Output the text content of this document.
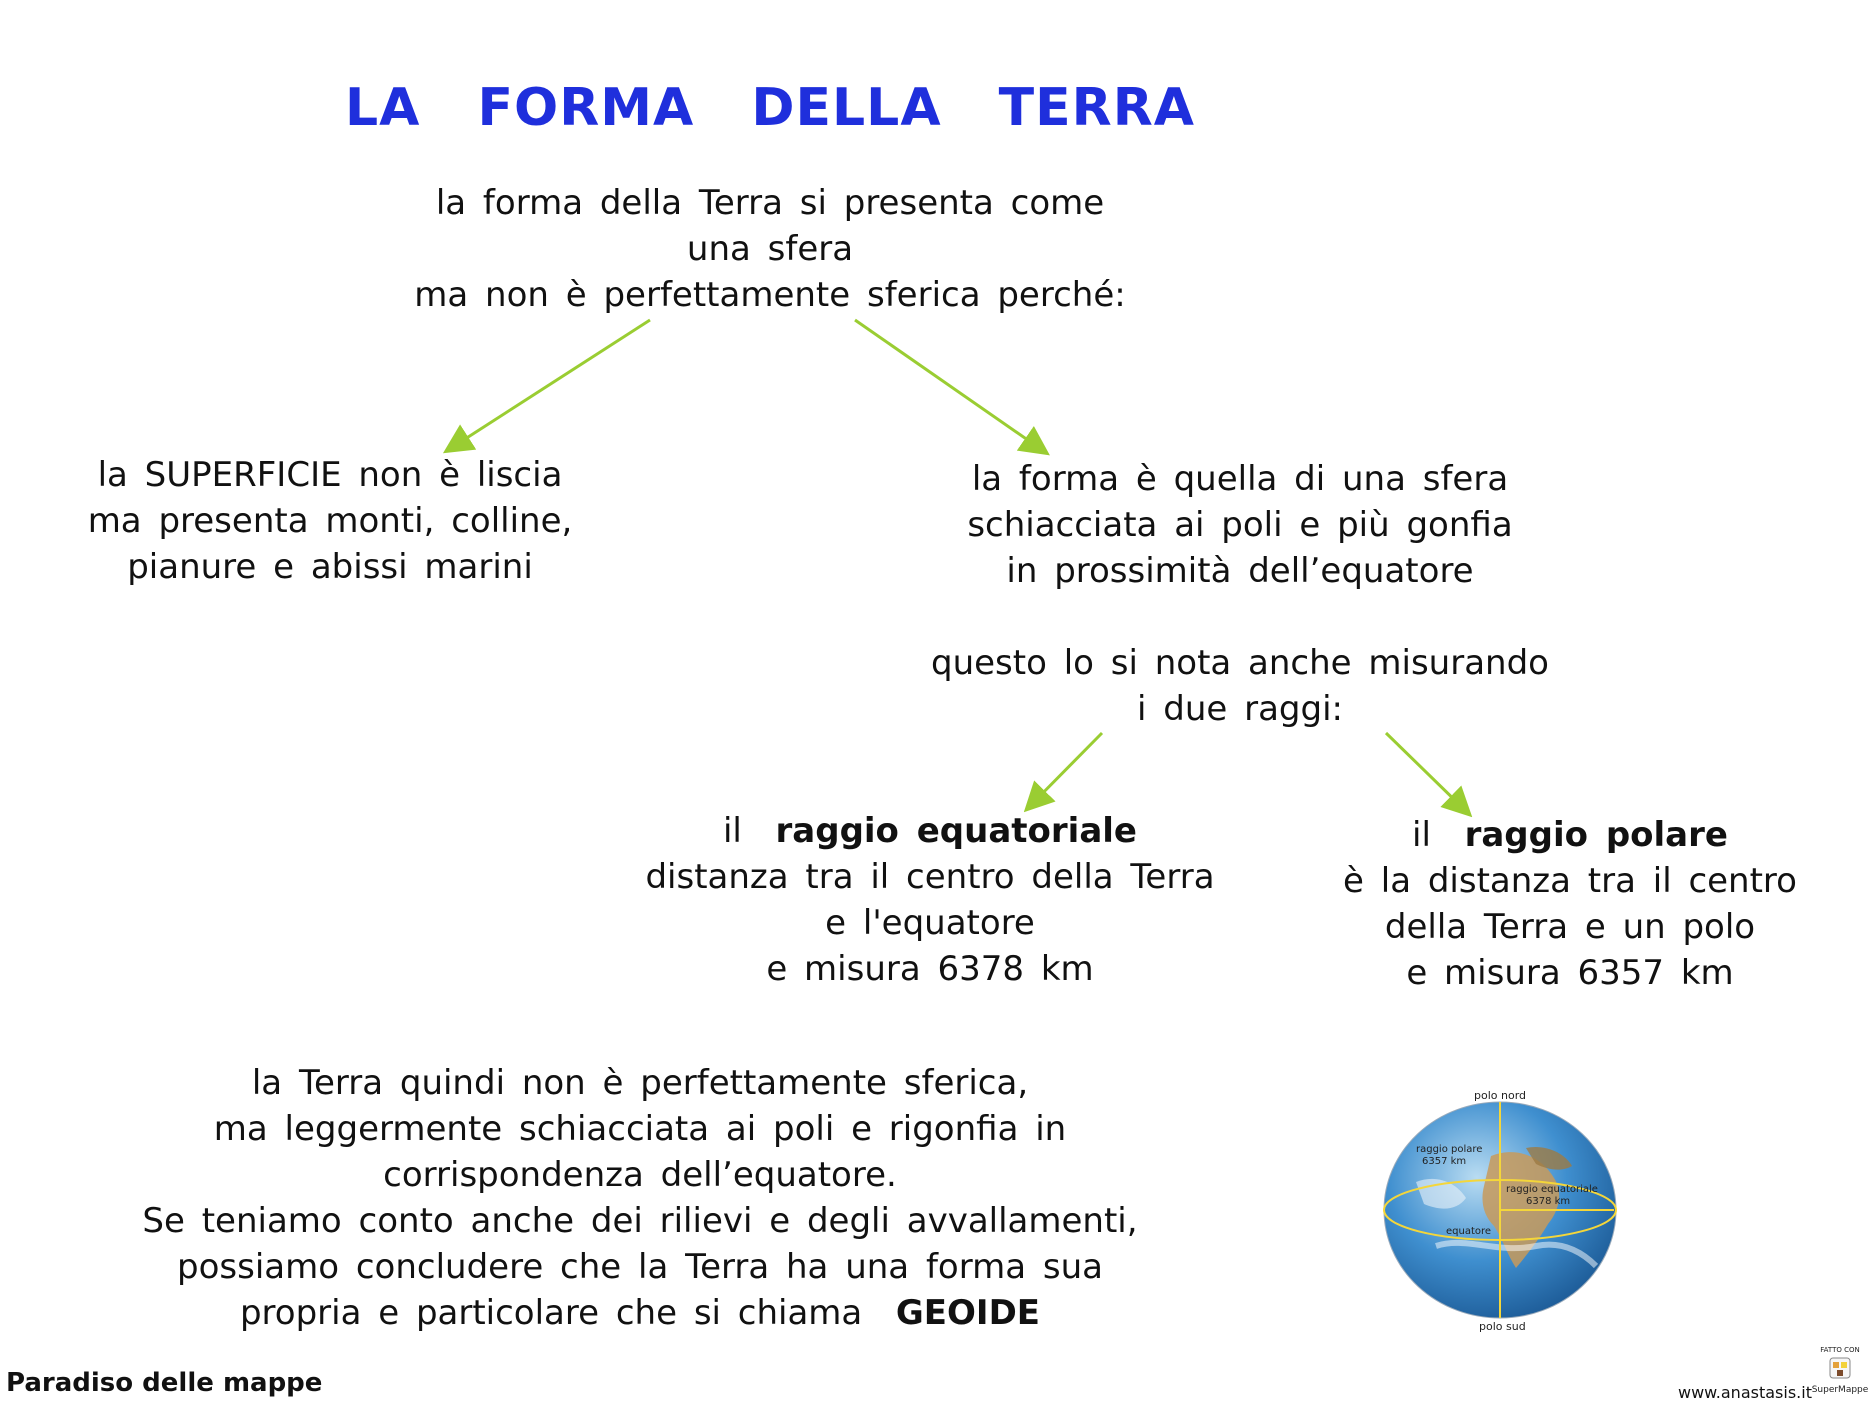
LA FORMA DELLA TERRA
la forma della Terra si presenta come
una sfera
ma non è perfettamente sferica perché:
la SUPERFICIE non è liscia
ma presenta monti, colline,
pianure e abissi marini
la forma è quella di una sfera
schiacciata ai poli e più gonfia
in prossimità dell’equatore
questo lo si nota anche misurando
i due raggi:
il raggio equatoriale
distanza tra il centro della Terra
e l'equatore
e misura 6378 km
il raggio polare
è la distanza tra il centro
della Terra e un polo
e misura 6357 km
la Terra quindi non è perfettamente sferica,
ma leggermente schiacciata ai poli e rigonfia in
corrispondenza dell’equatore.
Se teniamo conto anche dei rilievi e degli avvallamenti,
possiamo concludere che la Terra ha una forma sua
propria e particolare che si chiama GEOIDE
polo nord
polo sud
raggio polare
6357 km
raggio equatoriale
6378 km
equatore
Paradiso delle mappe	www.anastasis.it
FATTO CON
SuperMappe
